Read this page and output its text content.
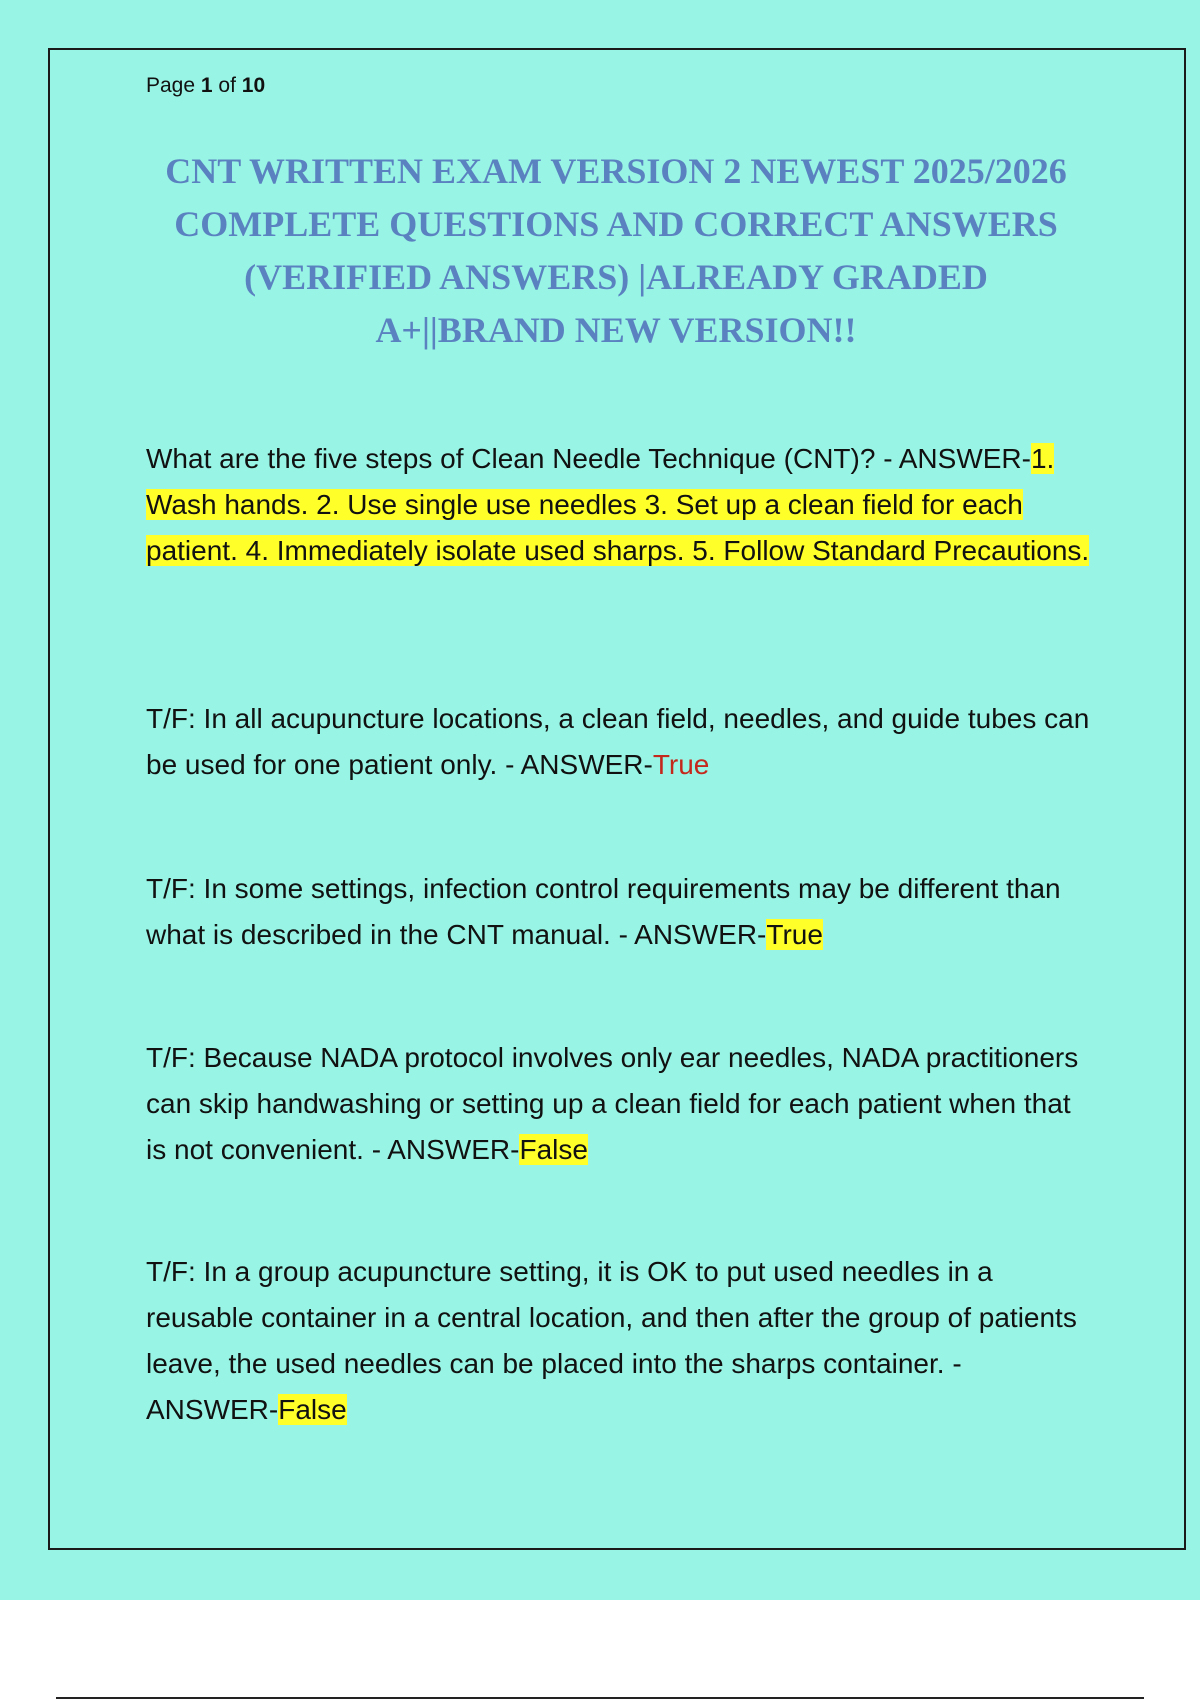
Page 1 of 10
CNT WRITTEN EXAM VERSION 2 NEWEST 2025/2026
COMPLETE QUESTIONS AND CORRECT ANSWERS
(VERIFIED ANSWERS) |ALREADY GRADED
A+||BRAND NEW VERSION!!

What are the five steps of Clean Needle Technique (CNT)? - ANSWER-1. Wash hands. 2. Use single use needles 3. Set up a clean field for each patient. 4. Immediately isolate used sharps. 5. Follow Standard Precautions.

T/F: In all acupuncture locations, a clean field, needles, and guide tubes can be used for one patient only. - ANSWER-True

T/F: In some settings, infection control requirements may be different than what is described in the CNT manual. - ANSWER-True

T/F: Because NADA protocol involves only ear needles, NADA practitioners can skip handwashing or setting up a clean field for each patient when that is not convenient. - ANSWER-False

T/F: In a group acupuncture setting, it is OK to put used needles in a reusable container in a central location, and then after the group of patients leave, the used needles can be placed into the sharps container. - ANSWER-False
